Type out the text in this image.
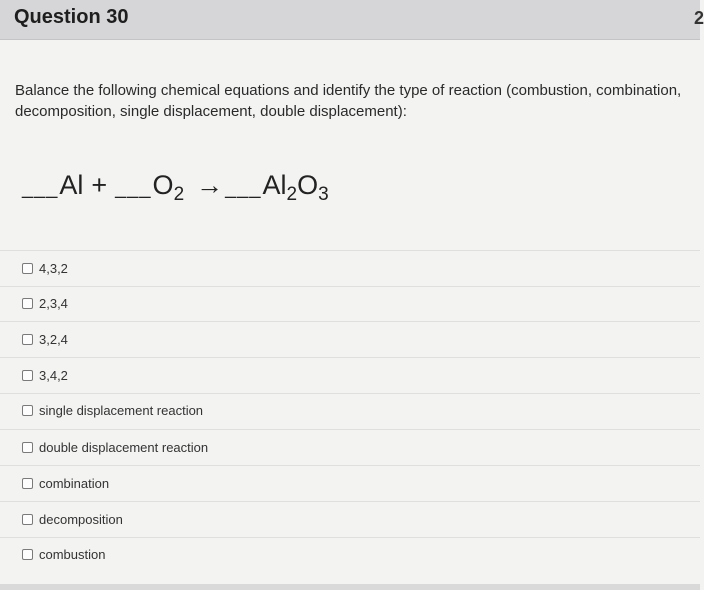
Question 30	2
Balance the following chemical equations and identify the type of reaction (combustion, combination, decomposition, single displacement, double displacement):
___ Al + ___ $O_2$ → ___ $Al_2O_3$
4,3,2
2,3,4
3,2,4
3,4,2
single displacement reaction
double displacement reaction
combination
decomposition
combustion
